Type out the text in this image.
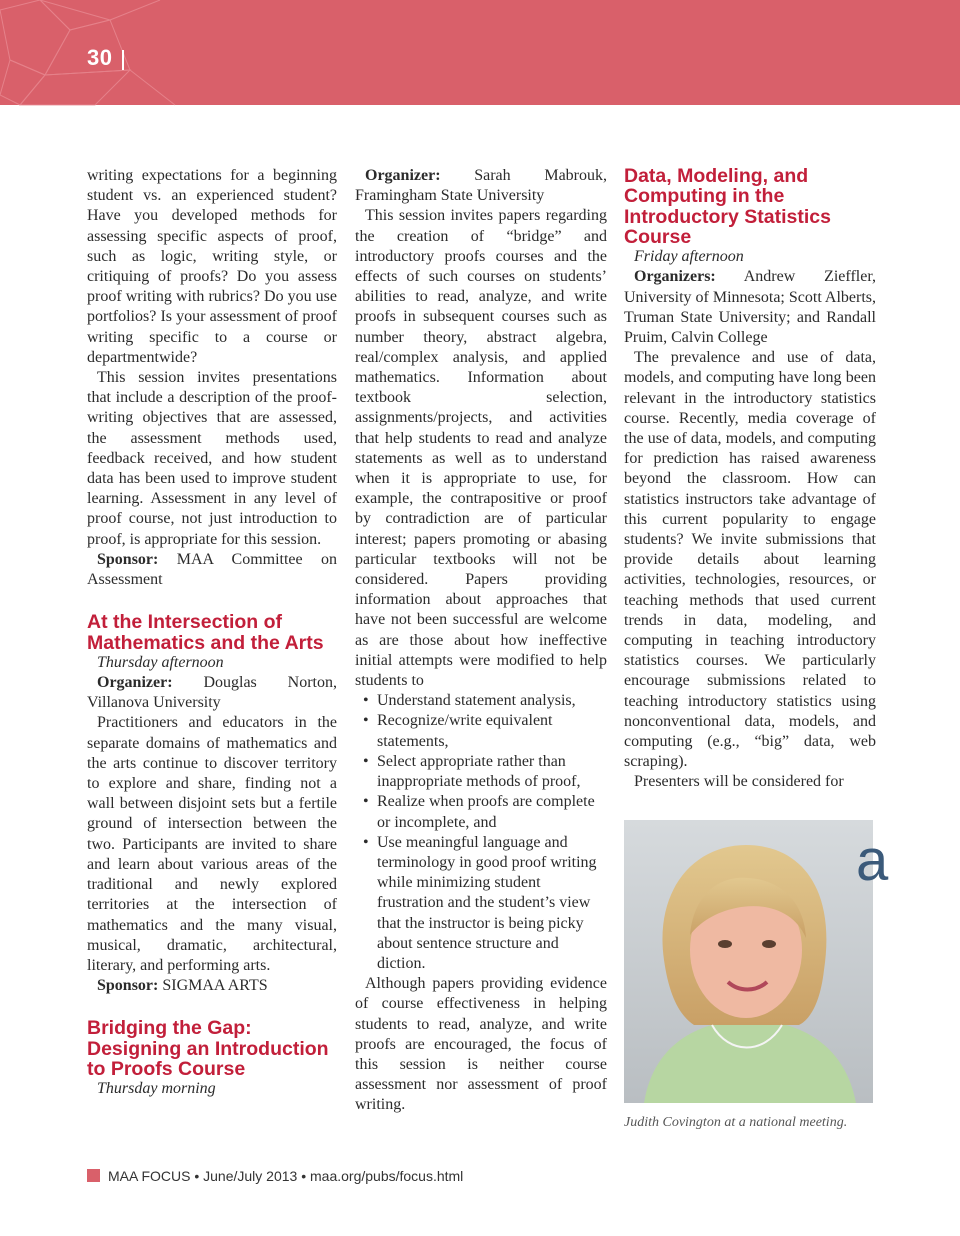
30

writing expectations for a beginning student vs. an experienced student? Have you developed methods for assessing specific aspects of proof, such as logic, writing style, or critiquing of proofs? Do you assess proof writing with rubrics? Do you use portfolios? Is your assessment of proof writing specific to a course or departmentwide?

This session invites presentations that include a description of the proof-writing objectives that are assessed, the assessment methods used, feedback received, and how student data has been used to improve student learning. Assessment in any level of proof course, not just introduction to proof, is appropriate for this session.

Sponsor: MAA Committee on Assessment

At the Intersection of Mathematics and the Arts
Thursday afternoon

Organizer: Douglas Norton, Villanova University

Practitioners and educators in the separate domains of mathematics and the arts continue to discover territory to explore and share, finding not a wall between disjoint sets but a fertile ground of intersection between the two. Participants are invited to share and learn about various areas of the traditional and newly explored territories at the intersection of mathematics and the many visual, musical, dramatic, architectural, literary, and performing arts.

Sponsor: SIGMAA ARTS

Bridging the Gap: Designing an Introduction to Proofs Course
Thursday morning

Organizer: Sarah Mabrouk, Framingham State University

This session invites papers regarding the creation of “bridge” and introductory proofs courses and the effects of such courses on students’ abilities to read, analyze, and write proofs in subsequent courses such as number theory, abstract algebra, real/complex analysis, and applied mathematics. Information about textbook selection, assignments/projects, and activities that help students to read and analyze statements as well as to understand when it is appropriate to use, for example, the contrapositive or proof by contradiction are of particular interest; papers promoting or abasing particular textbooks will not be considered. Papers providing information about approaches that have not been successful are welcome as are those about how ineffective initial attempts were modified to help students to

• Understand statement analysis,
• Recognize/write equivalent statements,
• Select appropriate rather than inappropriate methods of proof,
• Realize when proofs are complete or incomplete, and
• Use meaningful language and terminology in good proof writing while minimizing student frustration and the student’s view that the instructor is being picky about sentence structure and diction.

Although papers providing evidence of course effectiveness in helping students to read, analyze, and write proofs are encouraged, the focus of this session is neither course assessment nor assessment of proof writing.

Data, Modeling, and Computing in the Introductory Statistics Course
Friday afternoon

Organizers: Andrew Zieffler, University of Minnesota; Scott Alberts, Truman State University; and Randall Pruim, Calvin College

The prevalence and use of data, models, and computing have long been relevant in the introductory statistics course. Recently, media coverage of the use of data, models, and computing for prediction has raised awareness beyond the classroom. How can statistics instructors take advantage of this current popularity to engage students? We invite submissions that provide details about learning activities, technologies, resources, or teaching methods that used current trends in data, modeling, and computing in teaching introductory statistics courses. We particularly encourage submissions related to teaching introductory statistics using nonconventional data, models, and computing (e.g., “big” data, web scraping).

Presenters will be considered for

a
Judith Covington at a national meeting.
MAA FOCUS • June/July 2013 • maa.org/pubs/focus.html
